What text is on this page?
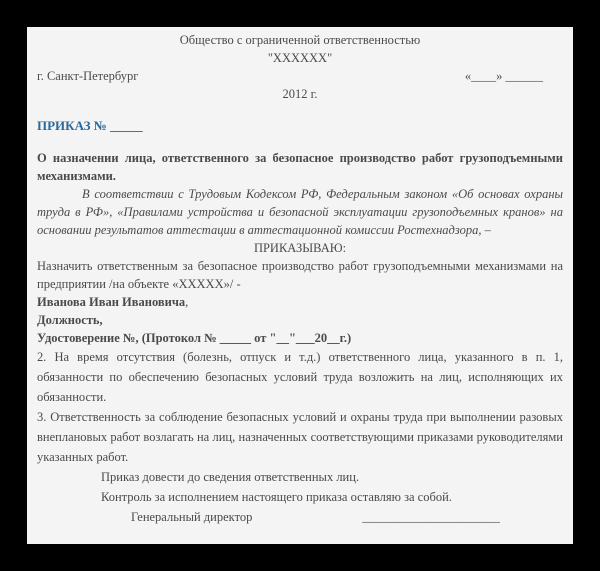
Общество с ограниченной ответственностью

"XXXXXX"

г. Санкт-Петербург	«____» ______

2012 г.

ПРИКАЗ № _____

О назначении лица, ответственного за безопасное производство работ грузоподъемными механизмами.

В соответствии с Трудовым Кодексом РФ, Федеральным законом «Об основах охраны труда в РФ», «Правилами устройства и безопасной эксплуатации грузоподъемных кранов» на основании результатов аттестации в аттестационной комиссии Ростехнадзора, –

ПРИКАЗЫВАЮ:

Назначить ответственным за безопасное производство работ грузоподъемными механизмами на предприятии /на объекте «XXXXX»/ -

Иванова Иван Ивановича,

Должность,

Удостоверение №, (Протокол № _____ от "__"___20__г.)

2. На время отсутствия (болезнь, отпуск и т.д.) ответственного лица, указанного в п. 1, обязанности по обеспечению безопасных условий труда возложить на лиц, исполняющих их обязанности.

3. Ответственность за соблюдение безопасных условий и охраны труда при выполнении разовых внеплановых работ возлагать на лиц, назначенных соответствующими приказами руководителями указанных работ.

Приказ довести до сведения ответственных лиц.

Контроль за исполнением настоящего приказа оставляю за собой.

Генеральный директор	______________________
